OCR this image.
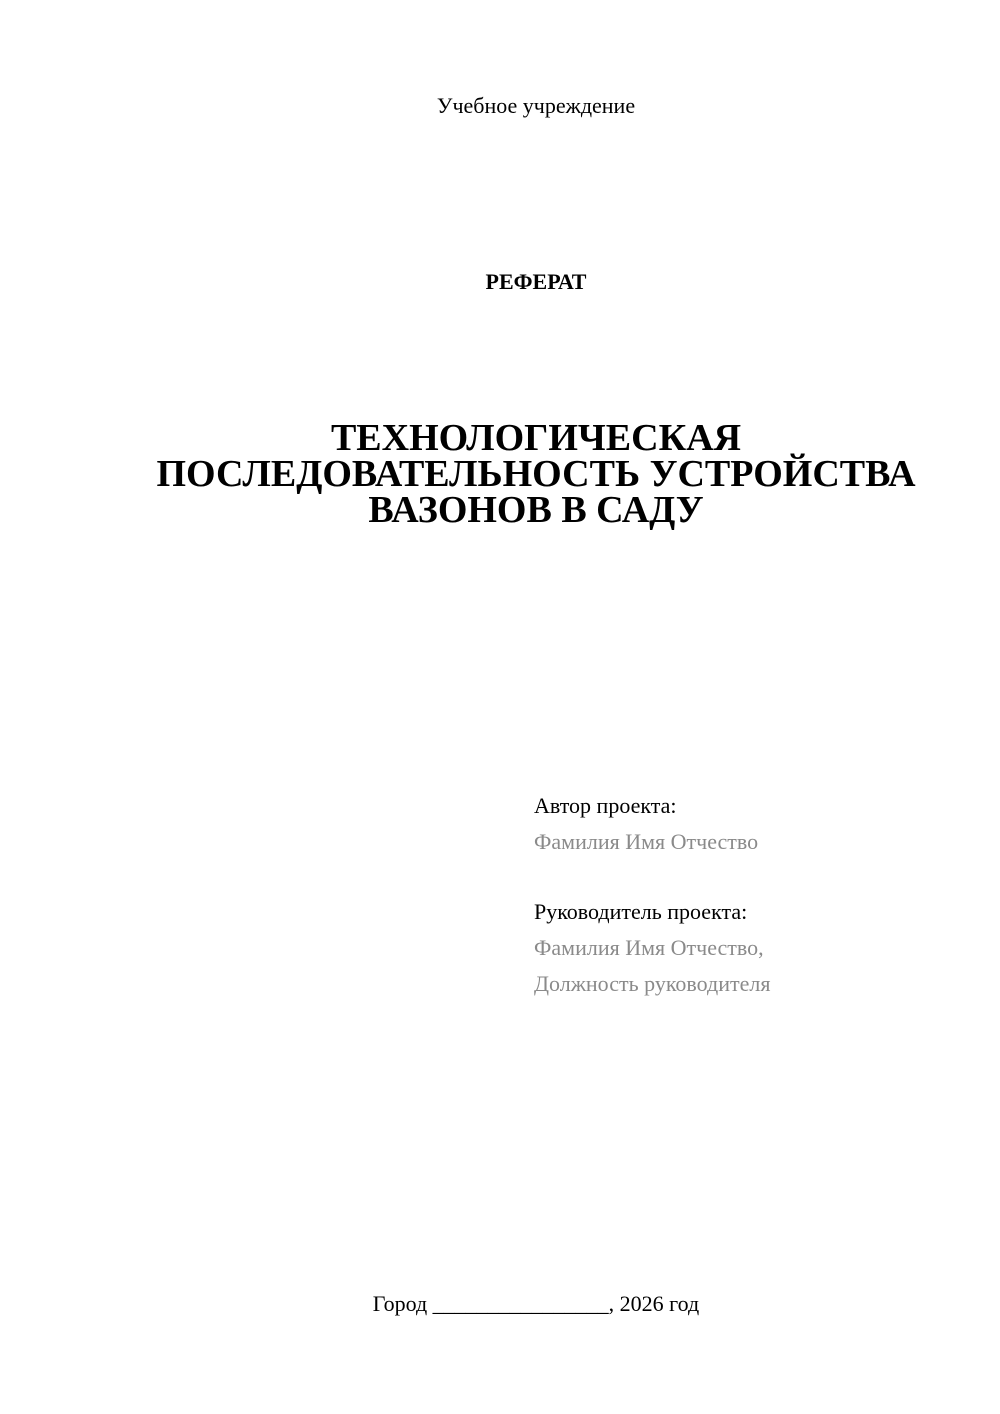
Учебное учреждение
РЕФЕРАТ
ТЕХНОЛОГИЧЕСКАЯ
ПОСЛЕДОВАТЕЛЬНОСТЬ УСТРОЙСТВА
ВАЗОНОВ В САДУ
Автор проекта:
Фамилия Имя Отчество
Руководитель проекта:
Фамилия Имя Отчество,
Должность руководителя
Город ________________, 2026 год
